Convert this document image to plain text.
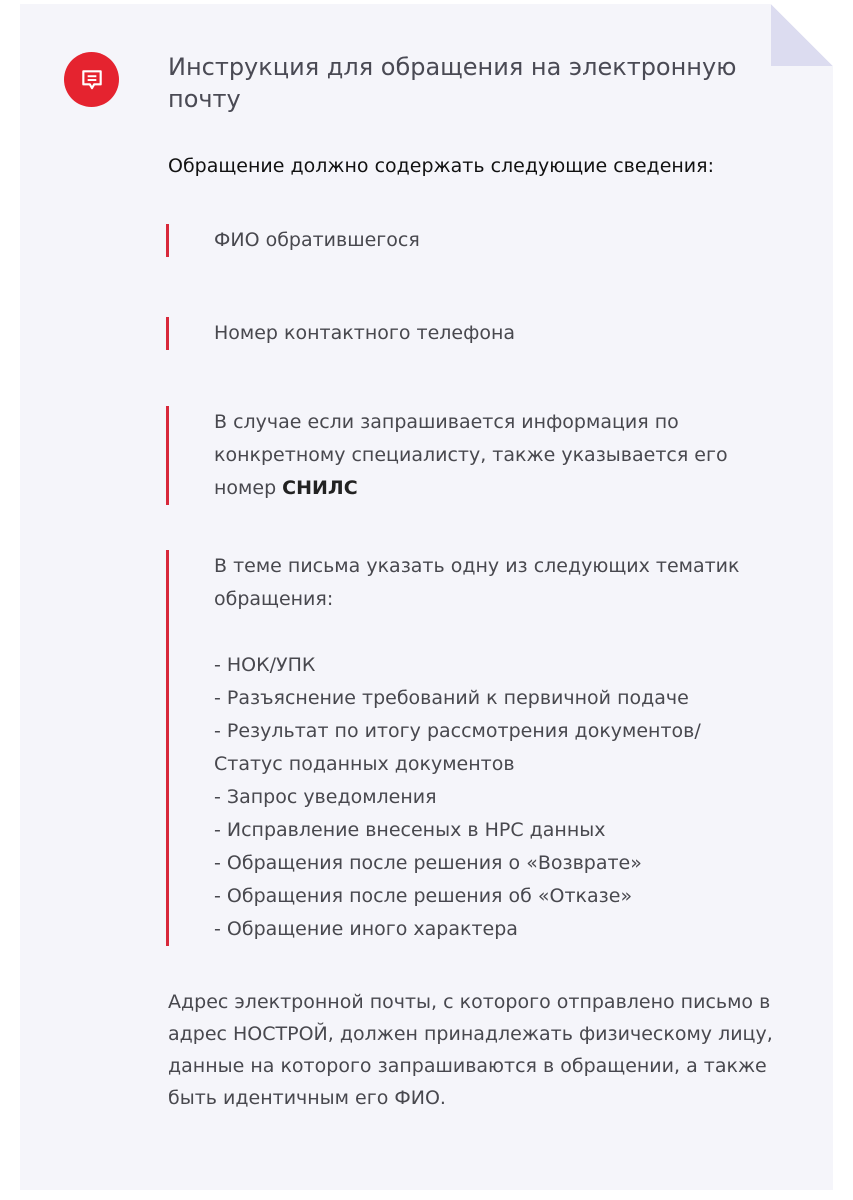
Инструкция для обращения на электронную почту

Обращение должно содержать следующие сведения:

ФИО обратившегося
Номер контактного телефона
В случае если запрашивается информация по конкретному специалисту, также указывается его номер СНИЛС
В теме письма указать одну из следующих тематик обращения:
- НОК/УПК
- Разъяснение требований к первичной подаче
- Результат по итогу рассмотрения документов/ Статус поданных документов
- Запрос уведомления
- Исправление внесеных в НРС данных
- Обращения после решения о «Возврате»
- Обращения после решения об «Отказе»
- Обращение иного характера

Адрес электронной почты, с которого отправлено письмо в адрес НОСТРОЙ, должен принадлежать физическому лицу, данные на которого запрашиваются в обращении, а также быть идентичным его ФИО.
